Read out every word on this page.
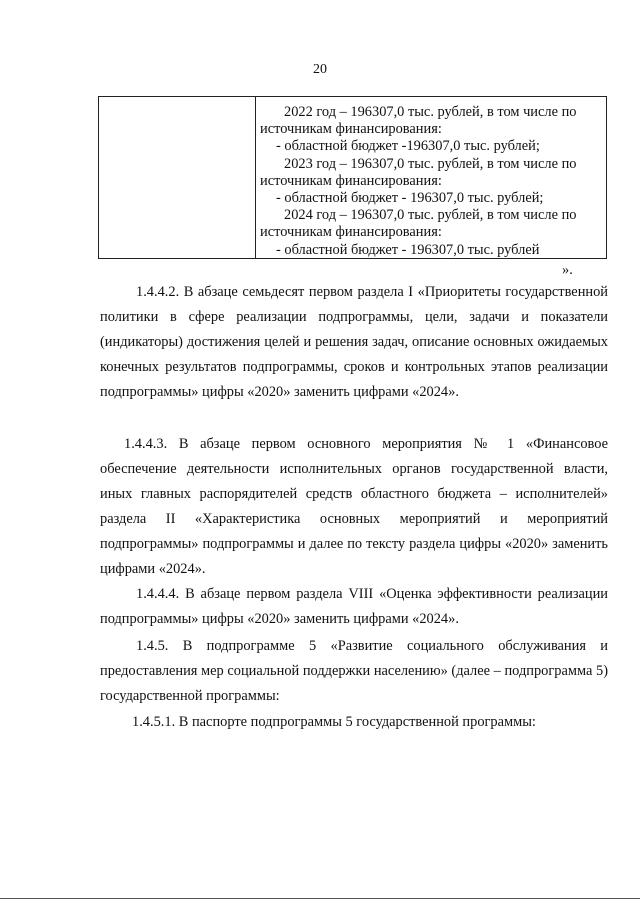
20
2022 год – 196307,0 тыс. рублей, в том числе по
источникам финансирования:
- областной бюджет -196307,0 тыс. рублей;
2023 год – 196307,0 тыс. рублей, в том числе по
источникам финансирования:
- областной бюджет - 196307,0 тыс. рублей;
2024 год – 196307,0 тыс. рублей, в том числе по
источникам финансирования:
- областной бюджет - 196307,0 тыс. рублей
».
1.4.4.2. В абзаце семьдесят первом раздела I «Приоритеты государственной политики в сфере реализации подпрограммы, цели, задачи и показатели (индикаторы) достижения целей и решения задач, описание основных ожидаемых конечных результатов подпрограммы, сроков и контрольных этапов реализации подпрограммы» цифры «2020» заменить цифрами «2024».
1.4.4.3. В абзаце первом основного мероприятия № 1 «Финансовое обеспечение деятельности исполнительных органов государственной власти, иных главных распорядителей средств областного бюджета – исполнителей» раздела II «Характеристика основных мероприятий и мероприятий подпрограммы» подпрограммы и далее по тексту раздела цифры «2020» заменить цифрами «2024».
1.4.4.4. В абзаце первом раздела VIII «Оценка эффективности реализации подпрограммы» цифры «2020» заменить цифрами «2024».
1.4.5. В подпрограмме 5 «Развитие социального обслуживания и предоставления мер социальной поддержки населению» (далее – подпрограмма 5) государственной программы:
1.4.5.1. В паспорте подпрограммы 5 государственной программы:
